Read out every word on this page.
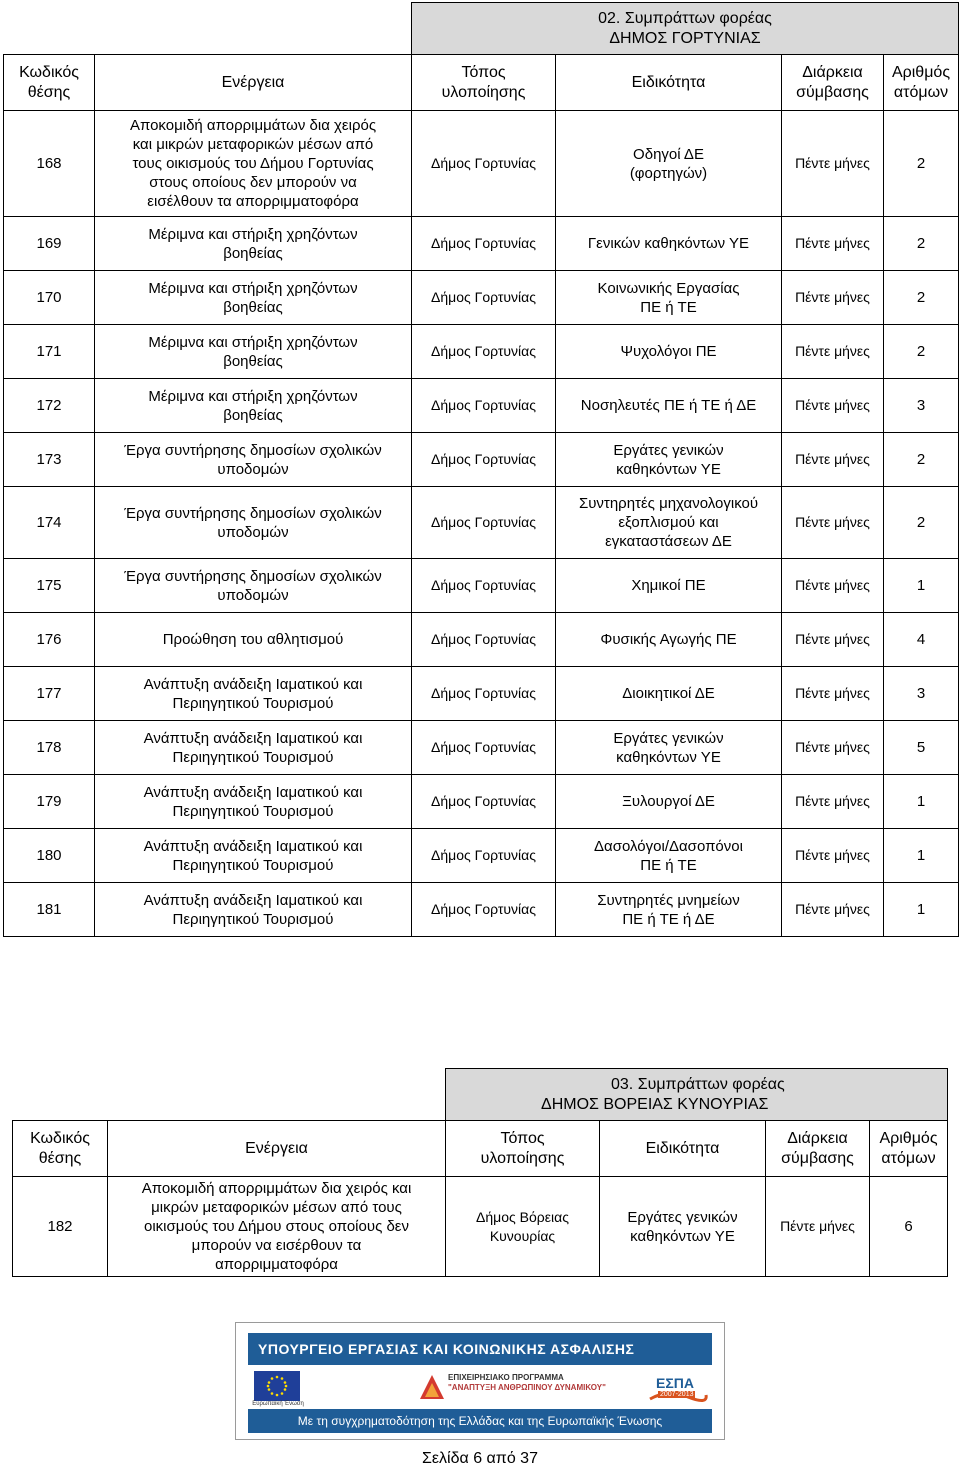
		02. Συμπράττων φορέας
ΔΗΜΟΣ ΓΟΡΤΥΝΙΑΣ			

Κωδικός
θέσης	Ενέργεια	Τόπος
υλοποίησης	Ειδικότητα	Διάρκεια
σύμβασης	Αριθμός
ατόμων
168	Αποκομιδή απορριμμάτων δια χειρός
και μικρών μεταφορικών μέσων από
τους οικισμούς του Δήμου Γορτυνίας
στους οποίους δεν μπορούν να
εισέλθουν τα απορριμματοφόρα	Δήμος Γορτυνίας	Οδηγοί ΔΕ
(φορτηγών)	Πέντε μήνες	2
169	Μέριμνα και στήριξη χρηζόντων
βοηθείας	Δήμος Γορτυνίας	Γενικών καθηκόντων ΥΕ	Πέντε μήνες	2
170	Μέριμνα και στήριξη χρηζόντων
βοηθείας	Δήμος Γορτυνίας	Κοινωνικής Εργασίας
ΠΕ ή ΤΕ	Πέντε μήνες	2
171	Μέριμνα και στήριξη χρηζόντων
βοηθείας	Δήμος Γορτυνίας	Ψυχολόγοι ΠΕ	Πέντε μήνες	2
172	Μέριμνα και στήριξη χρηζόντων
βοηθείας	Δήμος Γορτυνίας	Νοσηλευτές ΠΕ ή ΤΕ ή ΔΕ	Πέντε μήνες	3
173	Έργα συντήρησης δημοσίων σχολικών
υποδομών	Δήμος Γορτυνίας	Εργάτες γενικών
καθηκόντων ΥΕ	Πέντε μήνες	2
174	Έργα συντήρησης δημοσίων σχολικών
υποδομών	Δήμος Γορτυνίας	Συντηρητές μηχανολογικού
εξοπλισμού και
εγκαταστάσεων ΔΕ	Πέντε μήνες	2
175	Έργα συντήρησης δημοσίων σχολικών
υποδομών	Δήμος Γορτυνίας	Χημικοί ΠΕ	Πέντε μήνες	1
176	Προώθηση του αθλητισμού	Δήμος Γορτυνίας	Φυσικής Αγωγής ΠΕ	Πέντε μήνες	4
177	Ανάπτυξη ανάδειξη Ιαματικού και
Περιηγητικού Τουρισμού	Δήμος Γορτυνίας	Διοικητικοί ΔΕ	Πέντε μήνες	3
178	Ανάπτυξη ανάδειξη Ιαματικού και
Περιηγητικού Τουρισμού	Δήμος Γορτυνίας	Εργάτες γενικών
καθηκόντων ΥΕ	Πέντε μήνες	5
179	Ανάπτυξη ανάδειξη Ιαματικού και
Περιηγητικού Τουρισμού	Δήμος Γορτυνίας	Ξυλουργοί ΔΕ	Πέντε μήνες	1
180	Ανάπτυξη ανάδειξη Ιαματικού και
Περιηγητικού Τουρισμού	Δήμος Γορτυνίας	Δασολόγοι/Δασοπόνοι
ΠΕ ή ΤΕ	Πέντε μήνες	1
181	Ανάπτυξη ανάδειξη Ιαματικού και
Περιηγητικού Τουρισμού	Δήμος Γορτυνίας	Συντηρητές μνημείων
ΠΕ ή ΤΕ ή ΔΕ	Πέντε μήνες	1

		03. Συμπράττων φορέας
ΔΗΜΟΣ ΒΟΡΕΙΑΣ ΚΥΝΟΥΡΙΑΣ			

Κωδικός
θέσης	Ενέργεια	Τόπος
υλοποίησης	Ειδικότητα	Διάρκεια
σύμβασης	Αριθμός
ατόμων
182	Αποκομιδή απορριμμάτων δια χειρός και
μικρών μεταφορικών μέσων από τους
οικισμούς του Δήμου στους οποίους δεν
μπορούν να εισέρθουν τα
απορριμματοφόρα	Δήμος Βόρειας
Κυνουρίας	Εργάτες γενικών
καθηκόντων ΥΕ	Πέντε μήνες	6
ΥΠΟΥΡΓΕΙΟ ΕΡΓΑΣΙΑΣ ΚΑΙ ΚΟΙΝΩΝΙΚΗΣ ΑΣΦΑΛΙΣΗΣ
Ευρωπαϊκή Ένωση
ΕΠΙΧΕΙΡΗΣΙΑΚΟ ΠΡΟΓΡΑΜΜΑ
"ΑΝΑΠΤΥΞΗ ΑΝΘΡΩΠΙΝΟΥ ΔΥΝΑΜΙΚΟΥ"	ΕΣΠΑ
2007-2013
Με τη συγχρηματοδότηση της Ελλάδας και της Ευρωπαϊκής Ένωσης
Σελίδα 6 από 37
